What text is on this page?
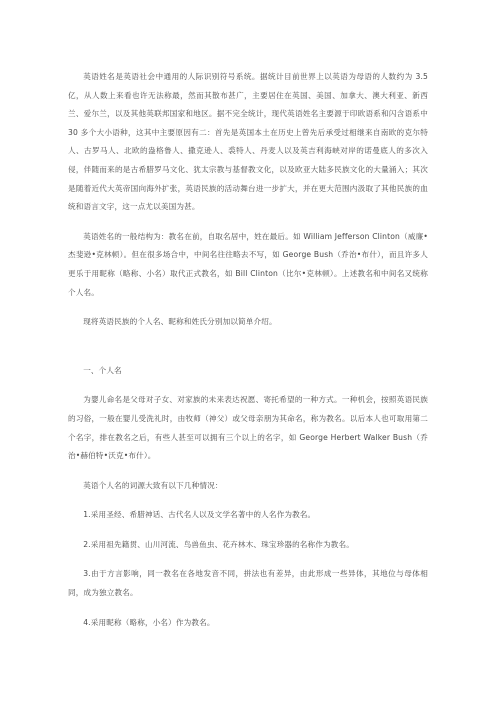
英语姓名是英语社会中通用的人际识别符号系统。据统计目前世界上以英语为母语的人数约为 3.5 亿，从人数上来看也许无法称最，然而其散布甚广，主要居住在英国、美国、加拿大、澳大利亚、新西兰、爱尔兰，以及其他英联邦国家和地区。据不完全统计，现代英语姓名主要源于印欧语系和闪含语系中 30 多个大小语种，这其中主要原因有二：首先是英国本土在历史上曾先后承受过相继来自南欧的克尔特人、古罗马人、北欧的盎格鲁人、撒克逊人、裘特人、丹麦人以及英吉利海峡对岸的诺曼底人的多次入侵，伴随而来的是古希腊罗马文化、犹太宗教与基督教文化，以及欧亚大陆多民族文化的大量涌入；其次是随着近代大英帝国向海外扩张，英语民族的活动舞台进一步扩大，并在更大范围内汲取了其他民族的血统和语言文字，这一点尤以美国为甚。

英语姓名的一般结构为：教名在前，自取名居中，姓在最后。如 William Jefferson Clinton（威廉•杰斐逊•克林顿）。但在很多场合中，中间名往往略去不写，如 George Bush（乔治•布什），而且许多人更乐于用昵称（略称、小名）取代正式教名，如 Bill Clinton（比尔•克林顿）。上述教名和中间名又统称个人名。

现将英语民族的个人名、昵称和姓氏分别加以简单介绍。

一、个人名

为婴儿命名是父母对子女、对家族的未来表达祝愿、寄托希望的一种方式。一种机会，按照英语民族的习俗，一般在婴儿受洗礼时，由牧师（神父）或父母亲朋为其命名，称为教名。以后本人也可取用第二个名字，排在教名之后，有些人甚至可以拥有三个以上的名字，如 George Herbert Walker Bush（乔治•赫伯特•沃克•布什）。

英语个人名的词源大致有以下几种情况：

1.采用圣经、希腊神话、古代名人以及文学名著中的人名作为教名。

2.采用祖先籍贯、山川河流、鸟兽鱼虫、花卉林木、珠宝珍器的名称作为教名。

3.由于方言影响，同一教名在各地发音不同，拼法也有差异，由此形成一些异体，其地位与母体相同，成为独立教名。

4.采用昵称（略称，小名）作为教名。
